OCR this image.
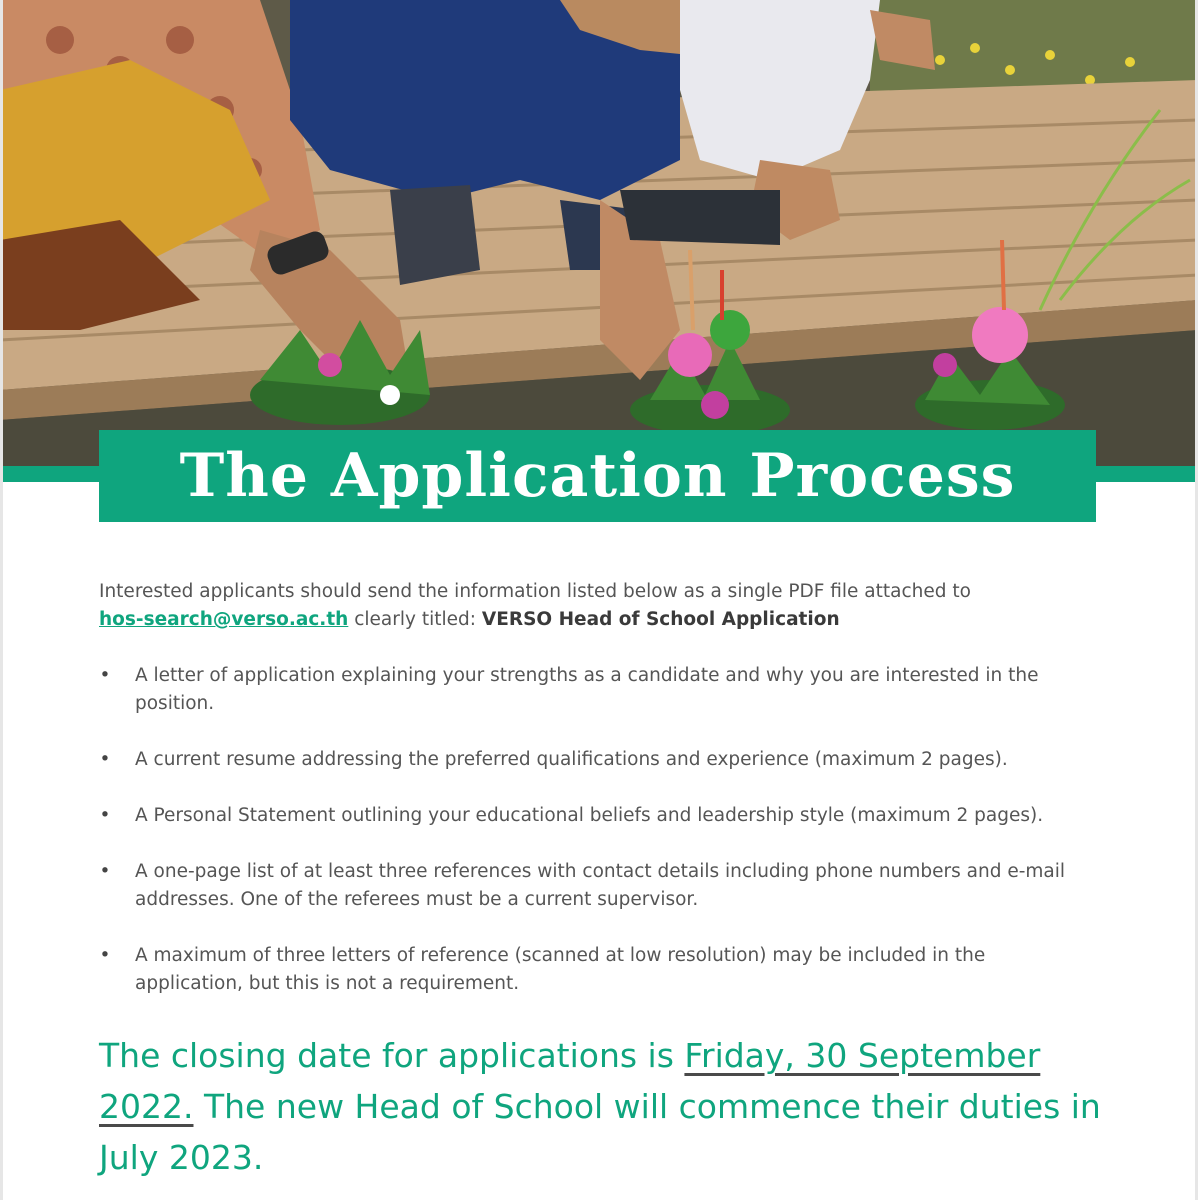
The Application Process

Interested applicants should send the information listed below as a single PDF file attached to
hos-search@verso.ac.th clearly titled: VERSO Head of School Application

• A letter of application explaining your strengths as a candidate and why you are interested in the position.
• A current resume addressing the preferred qualifications and experience (maximum 2 pages).
• A Personal Statement outlining your educational beliefs and leadership style (maximum 2 pages).
• A one-page list of at least three references with contact details including phone numbers and e-mail addresses. One of the referees must be a current supervisor.
• A maximum of three letters of reference (scanned at low resolution) may be included in the application, but this is not a requirement.

The closing date for applications is Friday, 30 September 2022. The new Head of School will commence their duties in July 2023.
